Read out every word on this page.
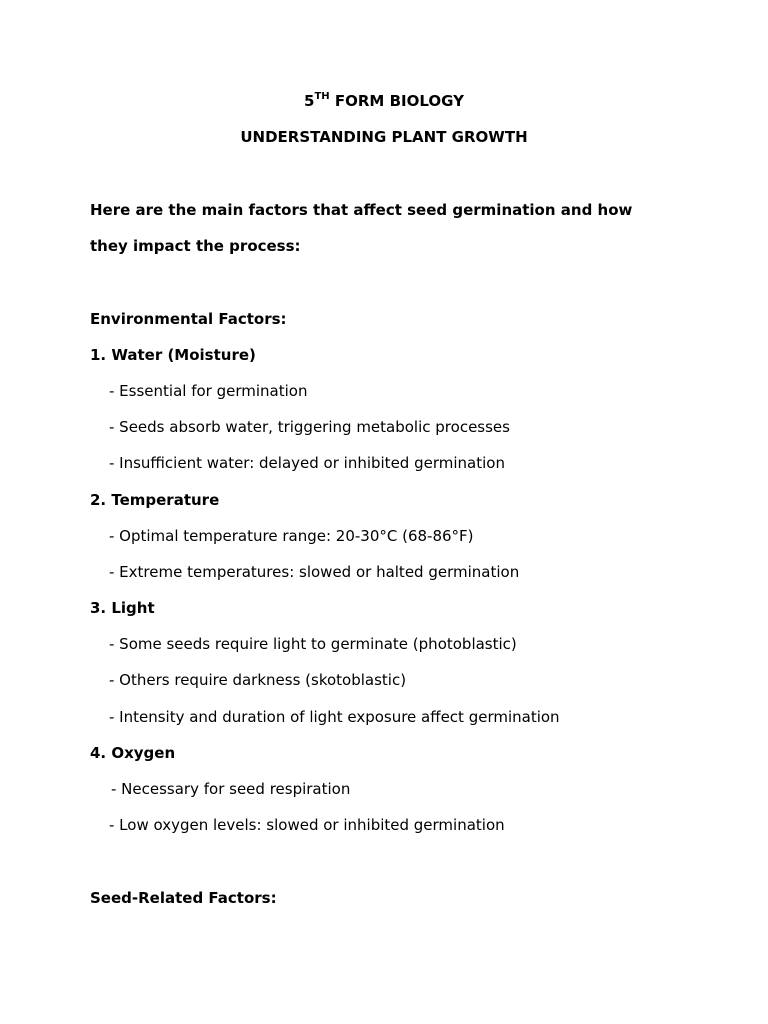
5TH FORM BIOLOGY
UNDERSTANDING PLANT GROWTH
Here are the main factors that affect seed germination and how
they impact the process:
Environmental Factors:
1. Water (Moisture)
- Essential for germination
- Seeds absorb water, triggering metabolic processes
- Insufficient water: delayed or inhibited germination
2. Temperature
- Optimal temperature range: 20-30°C (68-86°F)
- Extreme temperatures: slowed or halted germination
3. Light
- Some seeds require light to germinate (photoblastic)
- Others require darkness (skotoblastic)
- Intensity and duration of light exposure affect germination
4. Oxygen
- Necessary for seed respiration
- Low oxygen levels: slowed or inhibited germination
Seed-Related Factors:
